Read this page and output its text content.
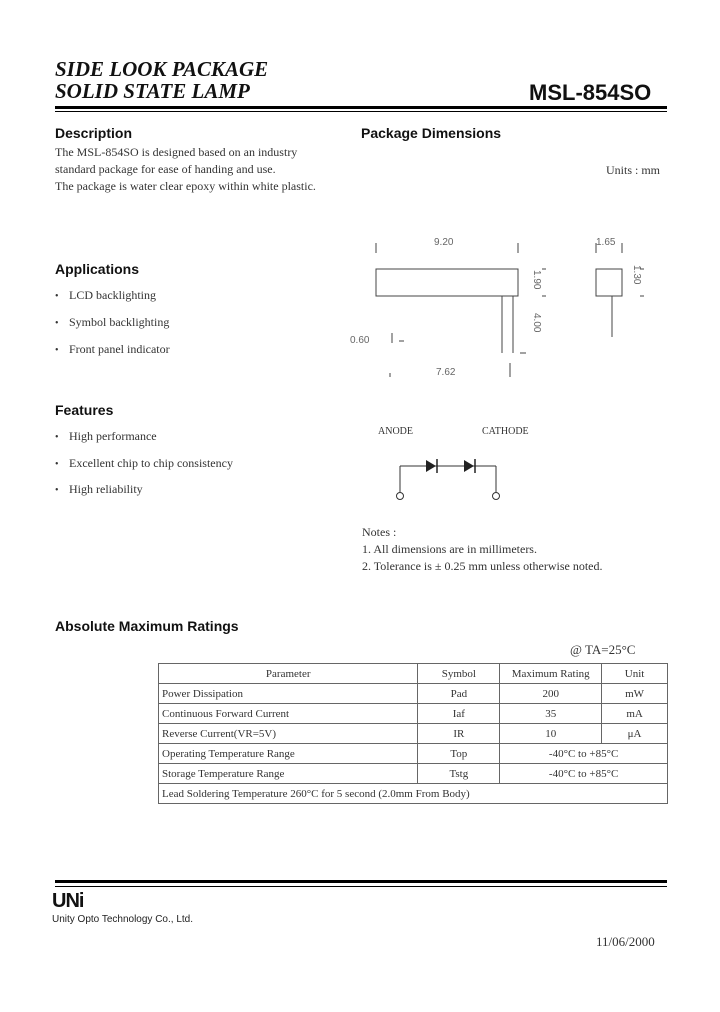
SIDE LOOK PACKAGE
SOLID STATE LAMP	MSL-854SO
Description
The MSL-854SO is designed based on an industry
standard package for ease of handing and use.
The package is water clear epoxy within white plastic.
Applications
• LCD backlighting
• Symbol backlighting
• Front panel indicator
Features
• High performance
• Excellent chip to chip consistency
• High reliability
Package Dimensions
Units : mm
9.20
1.90
4.00
0.60
7.62
1.65
1.30
ANODE	CATHODE
Notes :
1. All dimensions are in millimeters.
2. Tolerance is ± 0.25 mm unless otherwise noted.
Absolute Maximum Ratings
@ TA=25°C
Parameter	Symbol	Maximum Rating	Unit
Power Dissipation	Pad	200	mW
Continuous Forward Current	Iaf	35	mA
Reverse Current(VR=5V)	IR	10	μA
Operating Temperature Range	Top	-40°C to +85°C	
Storage Temperature Range	Tstg	-40°C to +85°C	
Lead Soldering Temperature 260°C for 5 second (2.0mm From Body)			
UNi
Unity Opto Technology Co., Ltd.
11/06/2000
